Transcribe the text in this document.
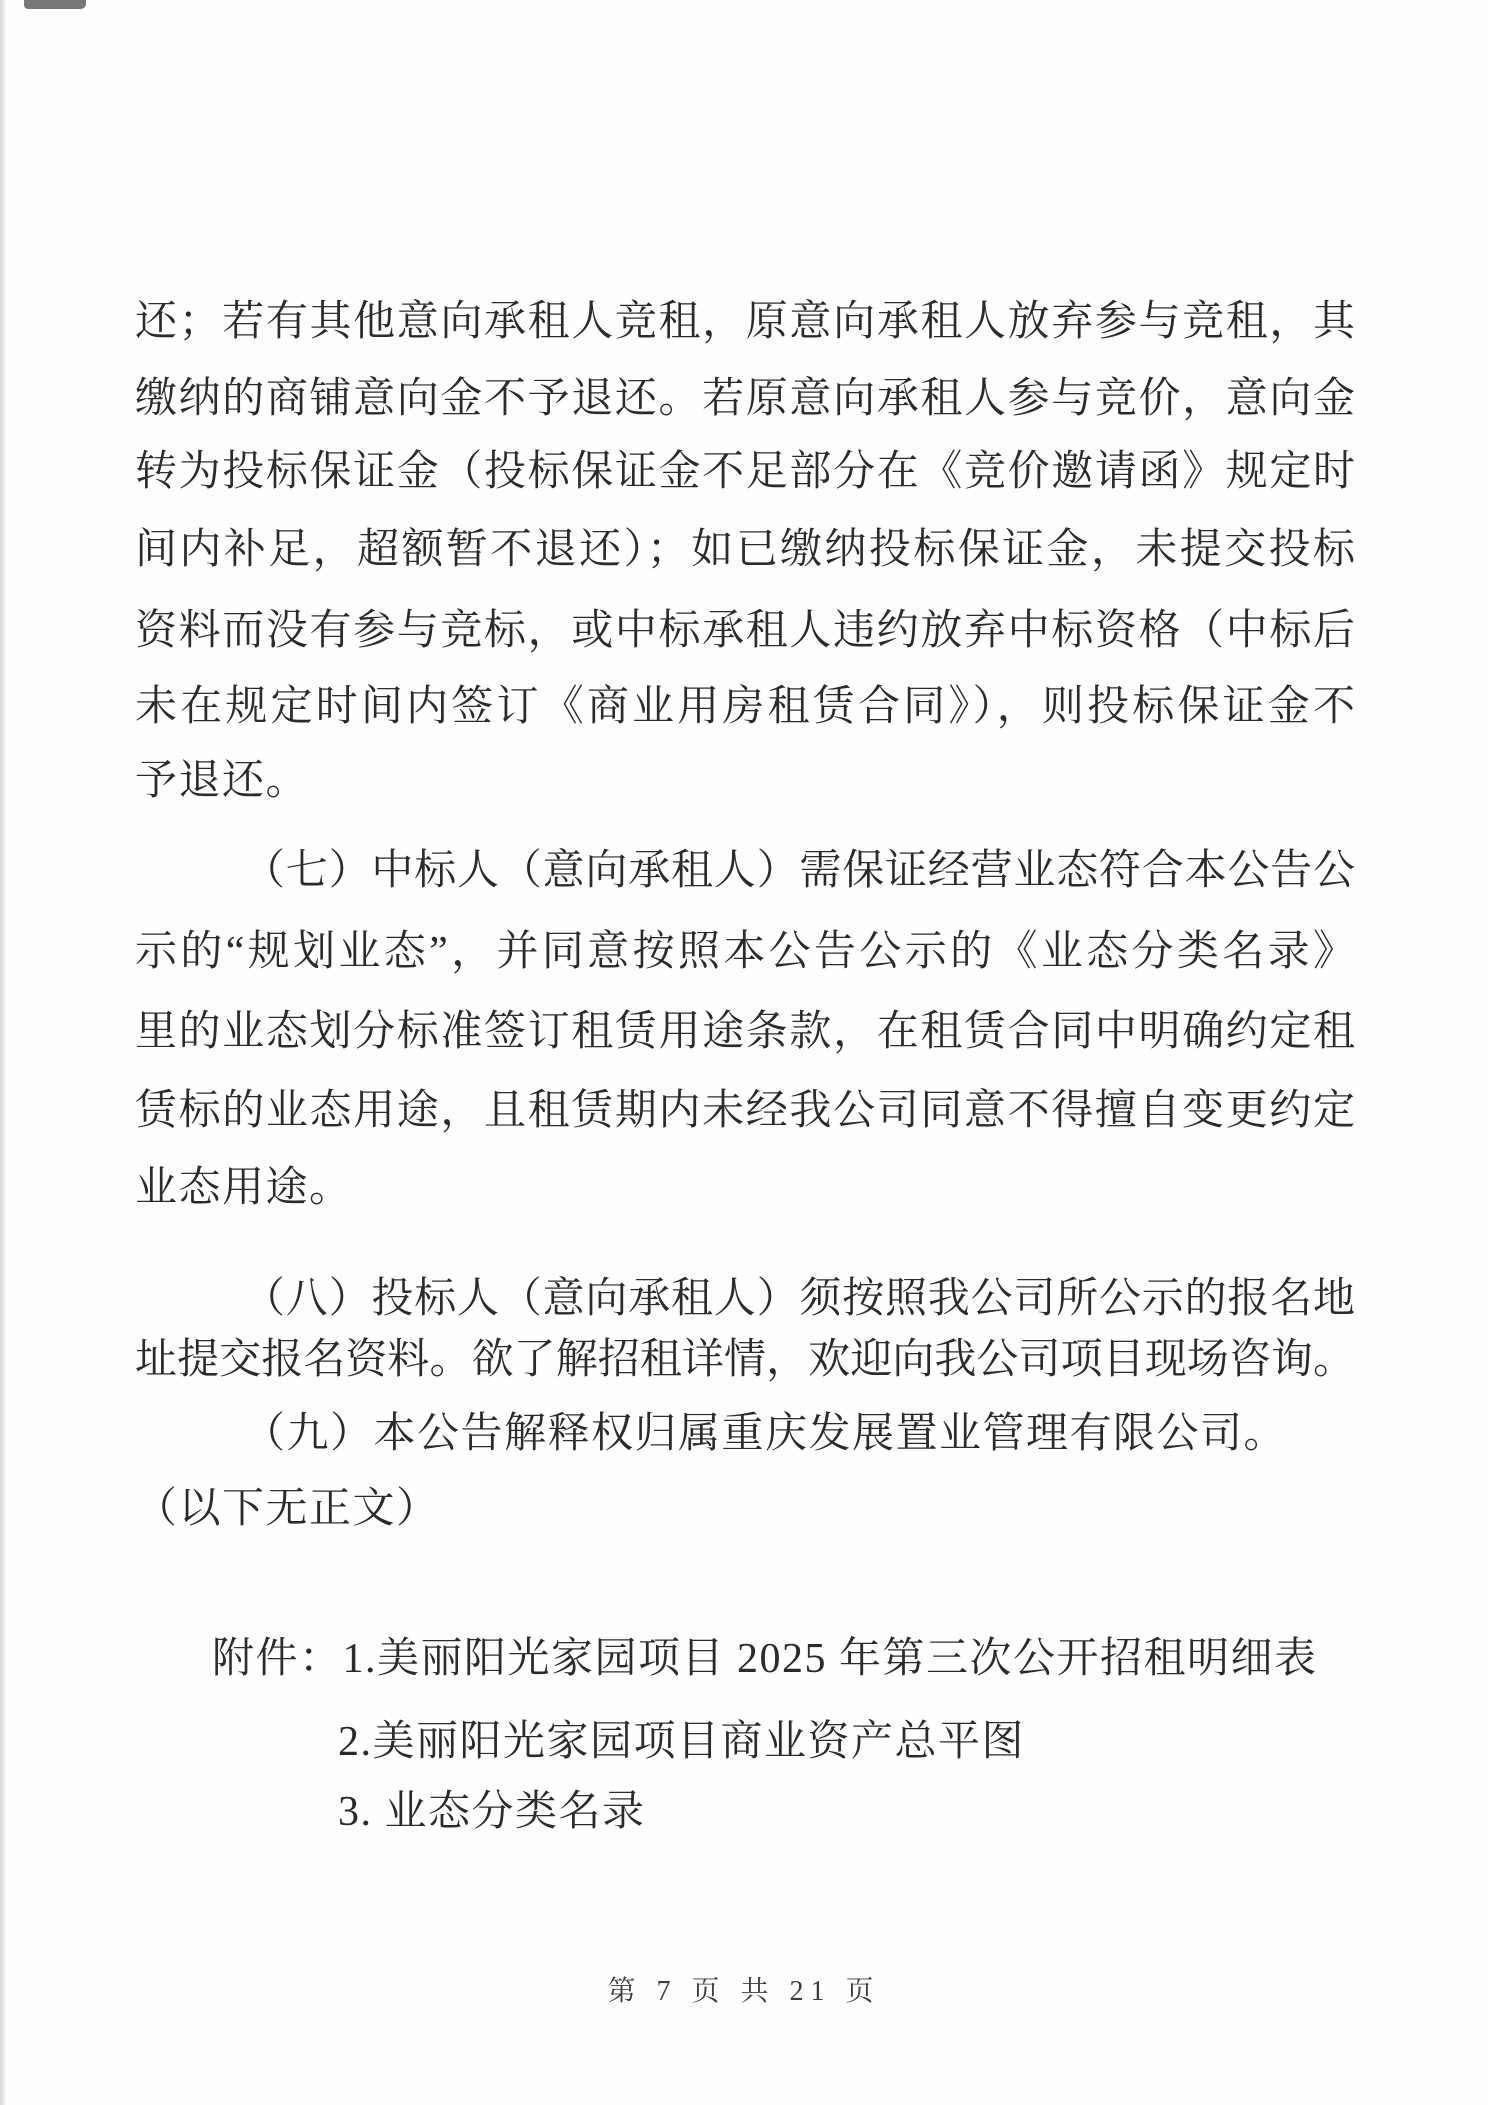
还；若有其他意向承租人竞租，原意向承租人放弃参与竞租，其
缴纳的商铺意向金不予退还。若原意向承租人参与竞价，意向金
转为投标保证金（投标保证金不足部分在《竞价邀请函》规定时
间内补足，超额暂不退还）；如已缴纳投标保证金，未提交投标
资料而没有参与竞标，或中标承租人违约放弃中标资格（中标后
未在规定时间内签订《商业用房租赁合同》），则投标保证金不
予退还。
（七）中标人（意向承租人）需保证经营业态符合本公告公
示的“规划业态”，并同意按照本公告公示的《业态分类名录》
里的业态划分标准签订租赁用途条款，在租赁合同中明确约定租
赁标的业态用途，且租赁期内未经我公司同意不得擅自变更约定
业态用途。
（八）投标人（意向承租人）须按照我公司所公示的报名地
址提交报名资料。欲了解招租详情，欢迎向我公司项目现场咨询。
（九）本公告解释权归属重庆发展置业管理有限公司。
（以下无正文）
附件：1.美丽阳光家园项目 2025 年第三次公开招租明细表
2.美丽阳光家园项目商业资产总平图
3. 业态分类名录
第 7 页 共 21 页
